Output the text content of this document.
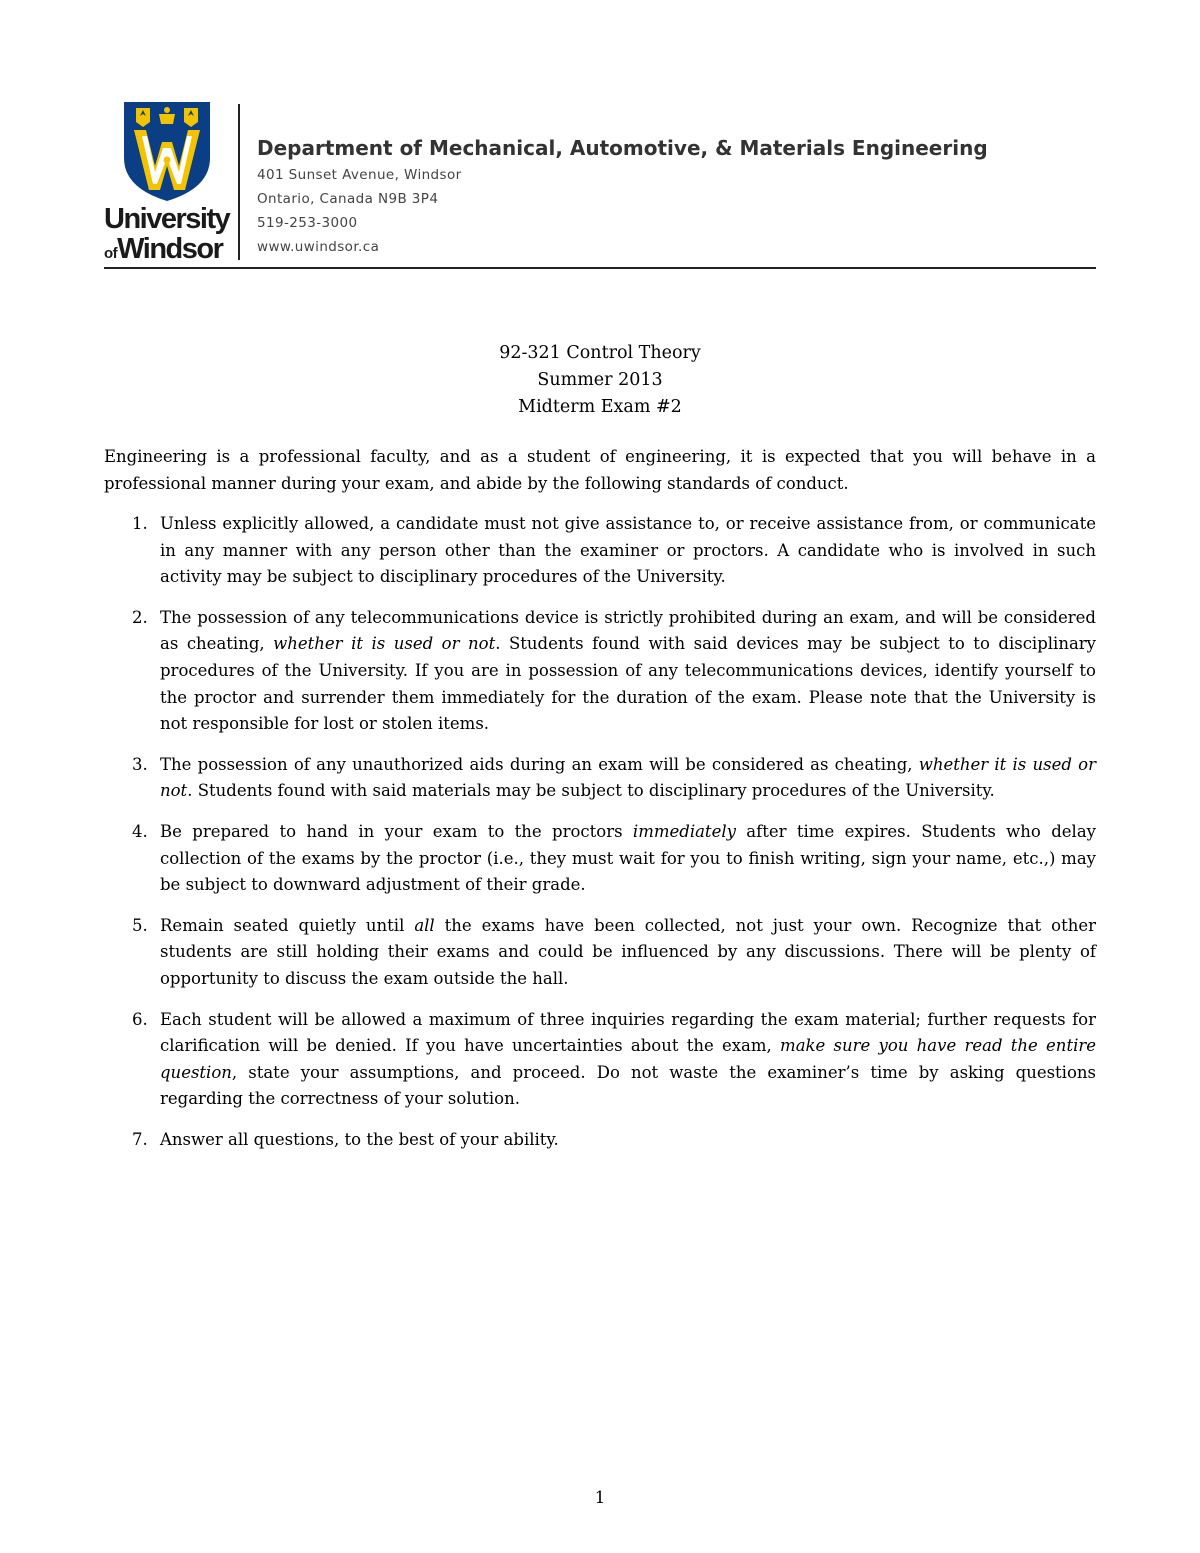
University
ofWindsor
Department of Mechanical, Automotive, & Materials Engineering
401 Sunset Avenue, Windsor
Ontario, Canada N9B 3P4
519-253-3000
www.uwindsor.ca
92-321 Control Theory
Summer 2013
Midterm Exam #2

Engineering is a professional faculty, and as a student of engineering, it is expected that you will behave in a professional manner during your exam, and abide by the following standards of conduct.

1. Unless explicitly allowed, a candidate must not give assistance to, or receive assistance from, or communicate in any manner with any person other than the examiner or proctors. A candidate who is involved in such activity may be subject to disciplinary procedures of the University.
2. The possession of any telecommunications device is strictly prohibited during an exam, and will be considered as cheating, whether it is used or not. Students found with said devices may be subject to to disciplinary procedures of the University. If you are in possession of any telecommunications devices, identify yourself to the proctor and surrender them immediately for the duration of the exam. Please note that the University is not responsible for lost or stolen items.
3. The possession of any unauthorized aids during an exam will be considered as cheating, whether it is used or not. Students found with said materials may be subject to disciplinary procedures of the University.
4. Be prepared to hand in your exam to the proctors immediately after time expires. Students who delay collection of the exams by the proctor (i.e., they must wait for you to finish writing, sign your name, etc.,) may be subject to downward adjustment of their grade.
5. Remain seated quietly until all the exams have been collected, not just your own. Recognize that other students are still holding their exams and could be influenced by any discussions. There will be plenty of opportunity to discuss the exam outside the hall.
6. Each student will be allowed a maximum of three inquiries regarding the exam material; further requests for clarification will be denied. If you have uncertainties about the exam, make sure you have read the entire question, state your assumptions, and proceed. Do not waste the examiner’s time by asking questions regarding the correctness of your solution.
7. Answer all questions, to the best of your ability.
1
